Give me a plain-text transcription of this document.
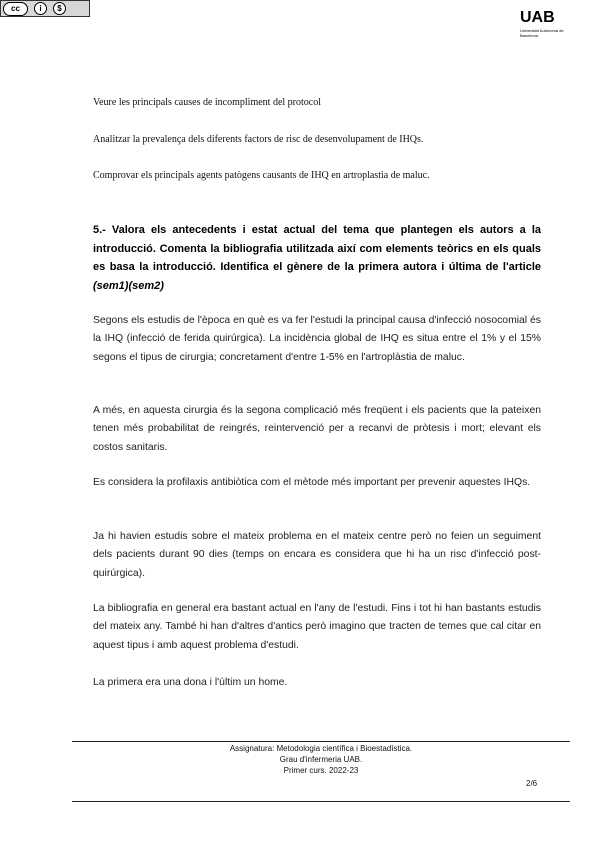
cc	i	$
UAB
Universitat Autònoma de Barcelona
Veure les principals causes de incompliment del protocol
Analitzar la prevalença dels diferents factors de risc de desenvolupament de IHQs.
Comprovar els principals agents patògens causants de IHQ en artroplastia de maluc.
5.- Valora els antecedents i estat actual del tema que plantegen els autors a la introducció. Comenta la bibliografia utilitzada així com elements teòrics en els quals es basa la introducció. Identifica el gènere de la primera autora i última de l'article (sem1)(sem2)
Segons els estudis de l'època en què es va fer l'estudi la principal causa d'infecció nosocomial és la IHQ (infecció de ferida quirúrgica). La incidència global de IHQ es situa entre el 1% y el 15% segons el tipus de cirurgia; concretament d'entre 1-5% en l'artroplàstia de maluc.
A més, en aquesta cirurgia és la segona complicació més freqüent i els pacients que la pateixen tenen més probabilitat de reingrés, reintervenció per a recanvi de pròtesis i mort; elevant els costos sanitaris.
Es considera la profilaxis antibiòtica com el mètode més important per prevenir aquestes IHQs.
Ja hi havien estudis sobre el mateix problema en el mateix centre però no feien un seguiment dels pacients durant 90 dies (temps on encara es considera que hi ha un risc d'infecció post-quirúrgica).
La bibliografia en general era bastant actual en l'any de l'estudi. Fins i tot hi han bastants estudis del mateix any. També hi han d'altres d'antics però imagino que tracten de temes que cal citar en aquest tipus i amb aquest problema d'estudi.
La primera era una dona i l'últim un home.
Assignatura: Metodologia científica i Bioestadística.
Grau d'infermeria UAB.
Primer curs. 2022-23
2/6
